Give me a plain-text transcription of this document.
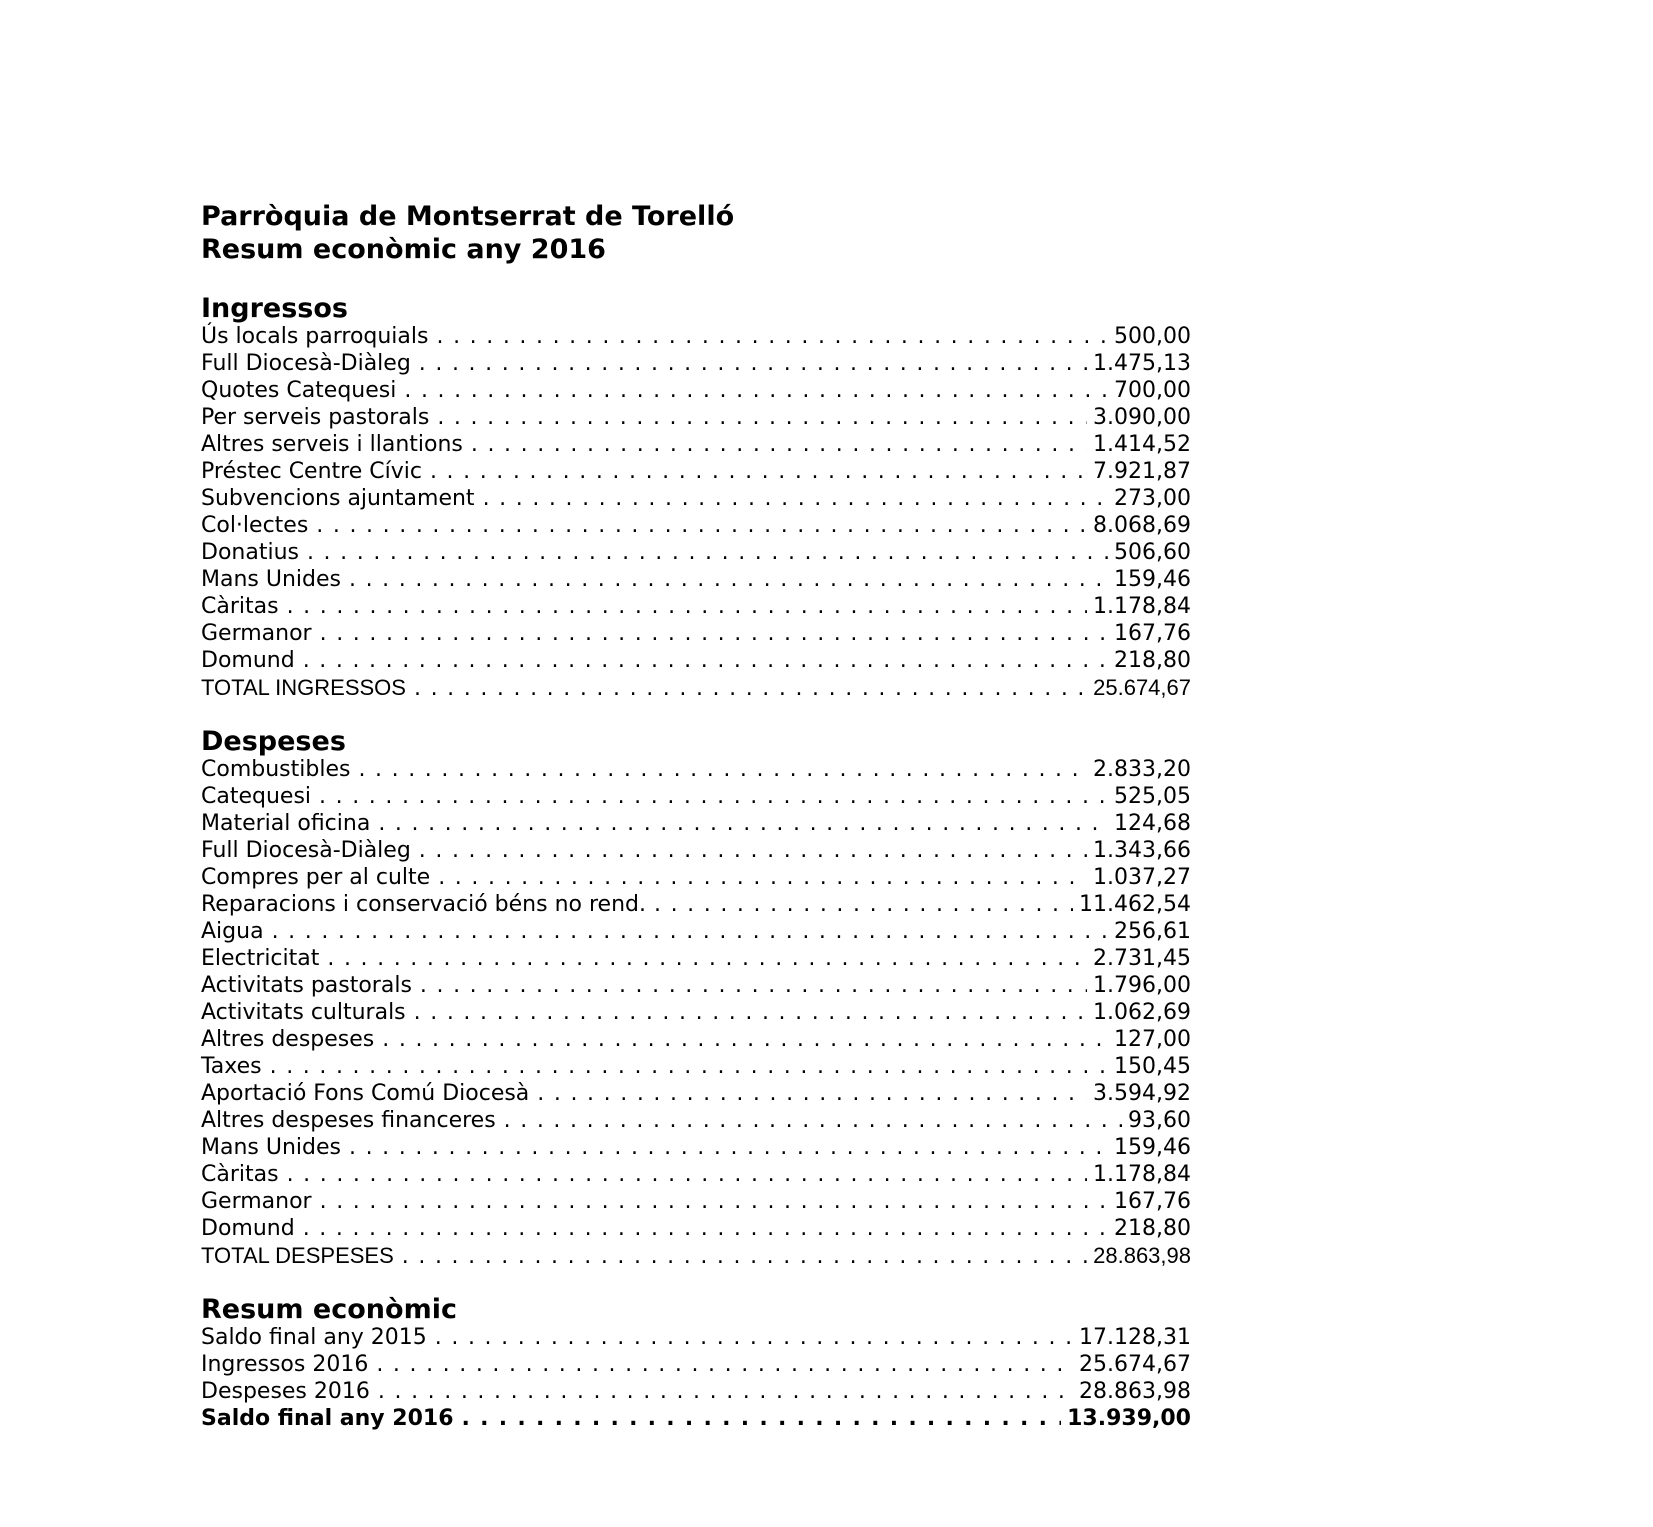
Parròquia de Montserrat de Torelló
Resum econòmic any 2016
Ingressos
Ús locals parroquials . . .	500,00
Full Diocesà-Diàleg . . .	1.475,13
Quotes Catequesi . . .	700,00
Per serveis pastorals . . .	3.090,00
Altres serveis i llantions . . .	1.414,52
Préstec Centre Cívic . . .	7.921,87
Subvencions ajuntament . . .	273,00
Col·lectes . . .	8.068,69
Donatius . . .	506,60
Mans Unides . . .	159,46
Càritas . . .	1.178,84
Germanor . . .	167,76
Domund . . .	218,80
TOTAL INGRESSOS . . .	25.674,67
Despeses
Combustibles . . .	2.833,20
Catequesi . . .	525,05
Material oficina . . .	124,68
Full Diocesà-Diàleg . . .	1.343,66
Compres per al culte . . .	1.037,27
Reparacions i conservació béns no rend. . . .	11.462,54
Aigua . . .	256,61
Electricitat . . .	2.731,45
Activitats pastorals . . .	1.796,00
Activitats culturals . . .	1.062,69
Altres despeses . . .	127,00
Taxes . . .	150,45
Aportació Fons Comú Diocesà . . .	3.594,92
Altres despeses financeres . . .	93,60
Mans Unides . . .	159,46
Càritas . . .	1.178,84
Germanor . . .	167,76
Domund . . .	218,80
TOTAL DESPESES . . .	28.863,98
Resum econòmic
Saldo final any 2015 . . .	17.128,31
Ingressos 2016 . . .	25.674,67
Despeses 2016 . . .	28.863,98
Saldo final any 2016 . . .	13.939,00
